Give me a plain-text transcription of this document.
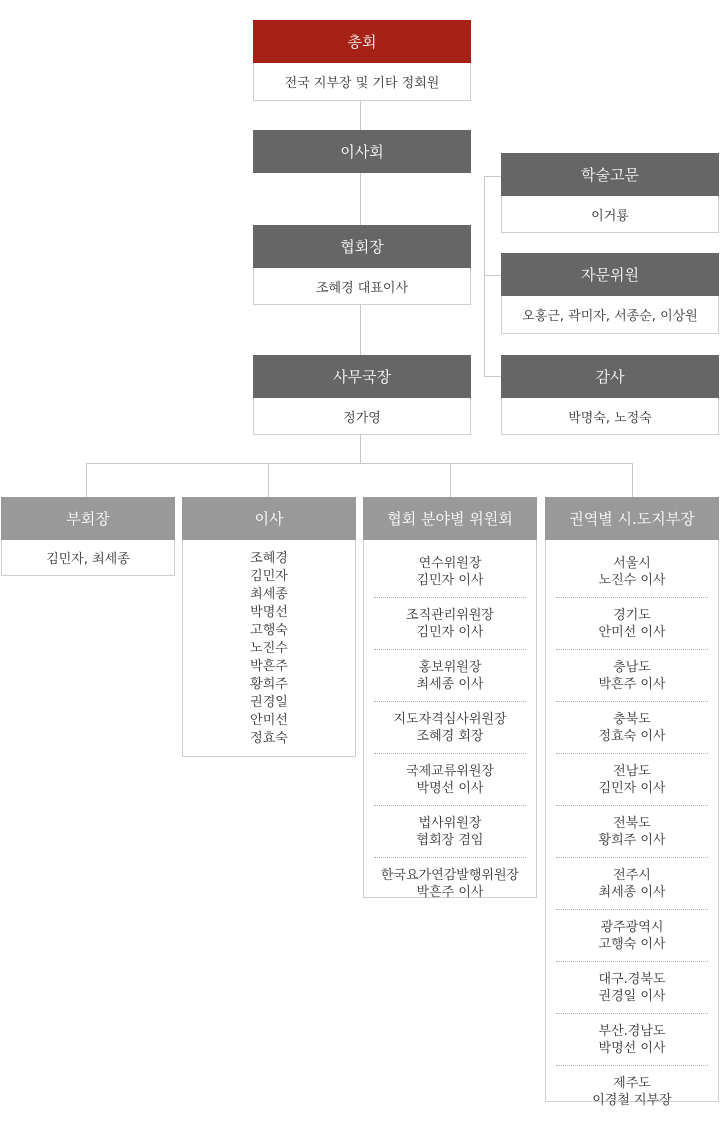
총회
전국 지부장 및 기타 정회원
이사회
협회장
조혜경 대표이사
사무국장
정가영
학술고문
이거룡
자문위원
오홍근, 곽미자, 서종순, 이상원
감사
박명숙, 노정숙
부회장
김민자, 최세종
이사
조혜경
김민자
최세종
박명선
고행숙
노진수
박흔주
황희주
권경일
안미선
정효숙
협회 분야별 위원회
연수위원장
김민자 이사
조직관리위원장
김민자 이사
홍보위원장
최세종 이사
지도자격심사위원장
조혜경 회장
국제교류위원장
박명선 이사
법사위원장
협회장 겸임
한국요가연감발행위원장
박흔주 이사
권역별 시.도지부장
서울시
노진수 이사
경기도
안미선 이사
충남도
박흔주 이사
충북도
정효숙 이사
전남도
김민자 이사
전북도
황희주 이사
전주시
최세종 이사
광주광역시
고행숙 이사
대구.경북도
권경일 이사
부산.경남도
박명선 이사
제주도
이경철 지부장
